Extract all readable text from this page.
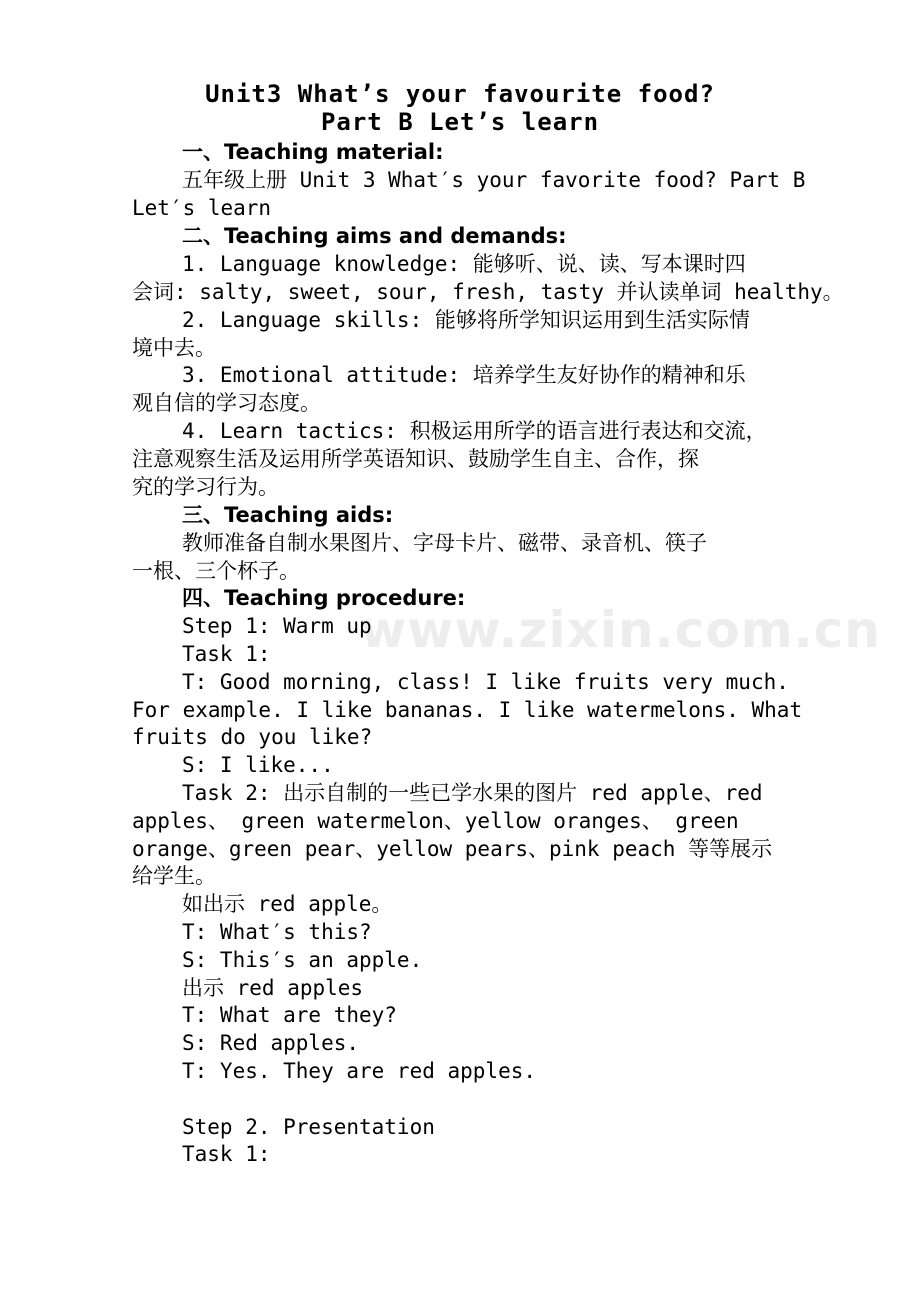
www.zixin.com.cn
Unit3 What’s your favourite food?
Part B Let’s learn
一、Teaching material:
五年级上册 Unit 3 What′s your favorite food? Part B
Let′s learn
二、Teaching aims and demands:
1. Language knowledge: 能够听、说、读、写本课时四
会词: salty, sweet, sour, fresh, tasty 并认读单词 healthy。
2. Language skills: 能够将所学知识运用到生活实际情
境中去。
3. Emotional attitude: 培养学生友好协作的精神和乐
观自信的学习态度。
4. Learn tactics: 积极运用所学的语言进行表达和交流，
注意观察生活及运用所学英语知识、鼓励学生自主、合作，探
究的学习行为。
三、Teaching aids:
教师准备自制水果图片、字母卡片、磁带、录音机、筷子
一根、三个杯子。
四、Teaching procedure:
Step 1: Warm up
Task 1:
T: Good morning, class! I like fruits very much.
For example. I like bananas. I like watermelons. What
fruits do you like?
S: I like...
Task 2: 出示自制的一些已学水果的图片 red apple、red
apples、 green watermelon、yellow oranges、 green
orange、green pear、yellow pears、pink peach 等等展示
给学生。
如出示 red apple。
T: What′s this?
S: This′s an apple.
出示 red apples
T: What are they?
S: Red apples.
T: Yes. They are red apples.
Step 2. Presentation
Task 1:
